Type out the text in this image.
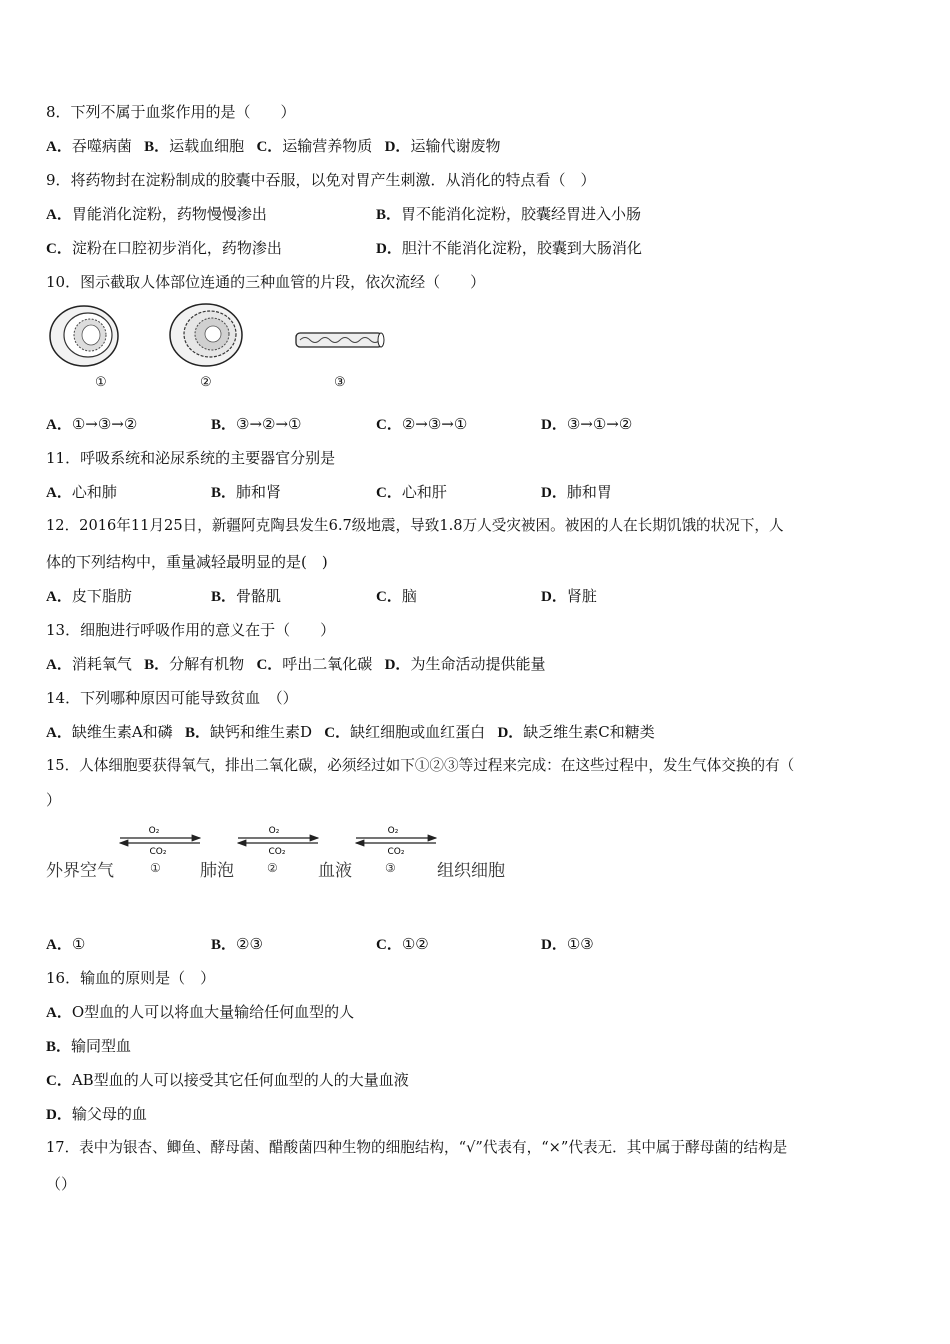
8．下列不属于血浆作用的是（　　）
A．吞噬病菌  B．运载血细胞  C．运输营养物质  D．运输代谢废物
9．将药物封在淀粉制成的胶囊中吞服，以免对胃产生刺激．从消化的特点看（　）
A．胃能消化淀粉，药物慢慢渗出	B．胃不能消化淀粉，胶囊经胃进入小肠
C．淀粉在口腔初步消化，药物渗出	D．胆汁不能消化淀粉，胶囊到大肠消化
10．图示截取人体部位连通的三种血管的片段，依次流经（　　）
①	②	③
A．①→③→②	B．③→②→①	C．②→③→①	D．③→①→②
11．呼吸系统和泌尿系统的主要器官分别是
A．心和肺	B．肺和肾	C．心和肝	D．肺和胃
12．2016年11月25日，新疆阿克陶县发生6.7级地震，导致1.8万人受灾被困。被困的人在长期饥饿的状况下，人
体的下列结构中，重量减轻最明显的是(　)
A．皮下脂肪	B．骨骼肌	C．脑	D．肾脏
13．细胞进行呼吸作用的意义在于（　　）
A．消耗氧气  B．分解有机物  C．呼出二氧化碳  D．为生命活动提供能量
14．下列哪种原因可能导致贫血　（）
A．缺维生素A和磷  B．缺钙和维生素D  C．缺红细胞或血红蛋白  D．缺乏维生素C和糖类
15．人体细胞要获得氧气，排出二氧化碳，必须经过如下①②③等过程来完成：在这些过程中，发生气体交换的有（
）
O₂
CO₂
O₂
CO₂
O₂
CO₂
外界空气	① 肺泡	② 血液	③ 组织细胞
A．①	B．②③	C．①②	D．①③
16．输血的原则是（　）
A．O型血的人可以将血大量输给任何血型的人
B．输同型血
C．AB型血的人可以接受其它任何血型的人的大量血液
D．输父母的血
17．表中为银杏、鲫鱼、酵母菌、醋酸菌四种生物的细胞结构，“√”代表有，“×”代表无．其中属于酵母菌的结构是
（）
